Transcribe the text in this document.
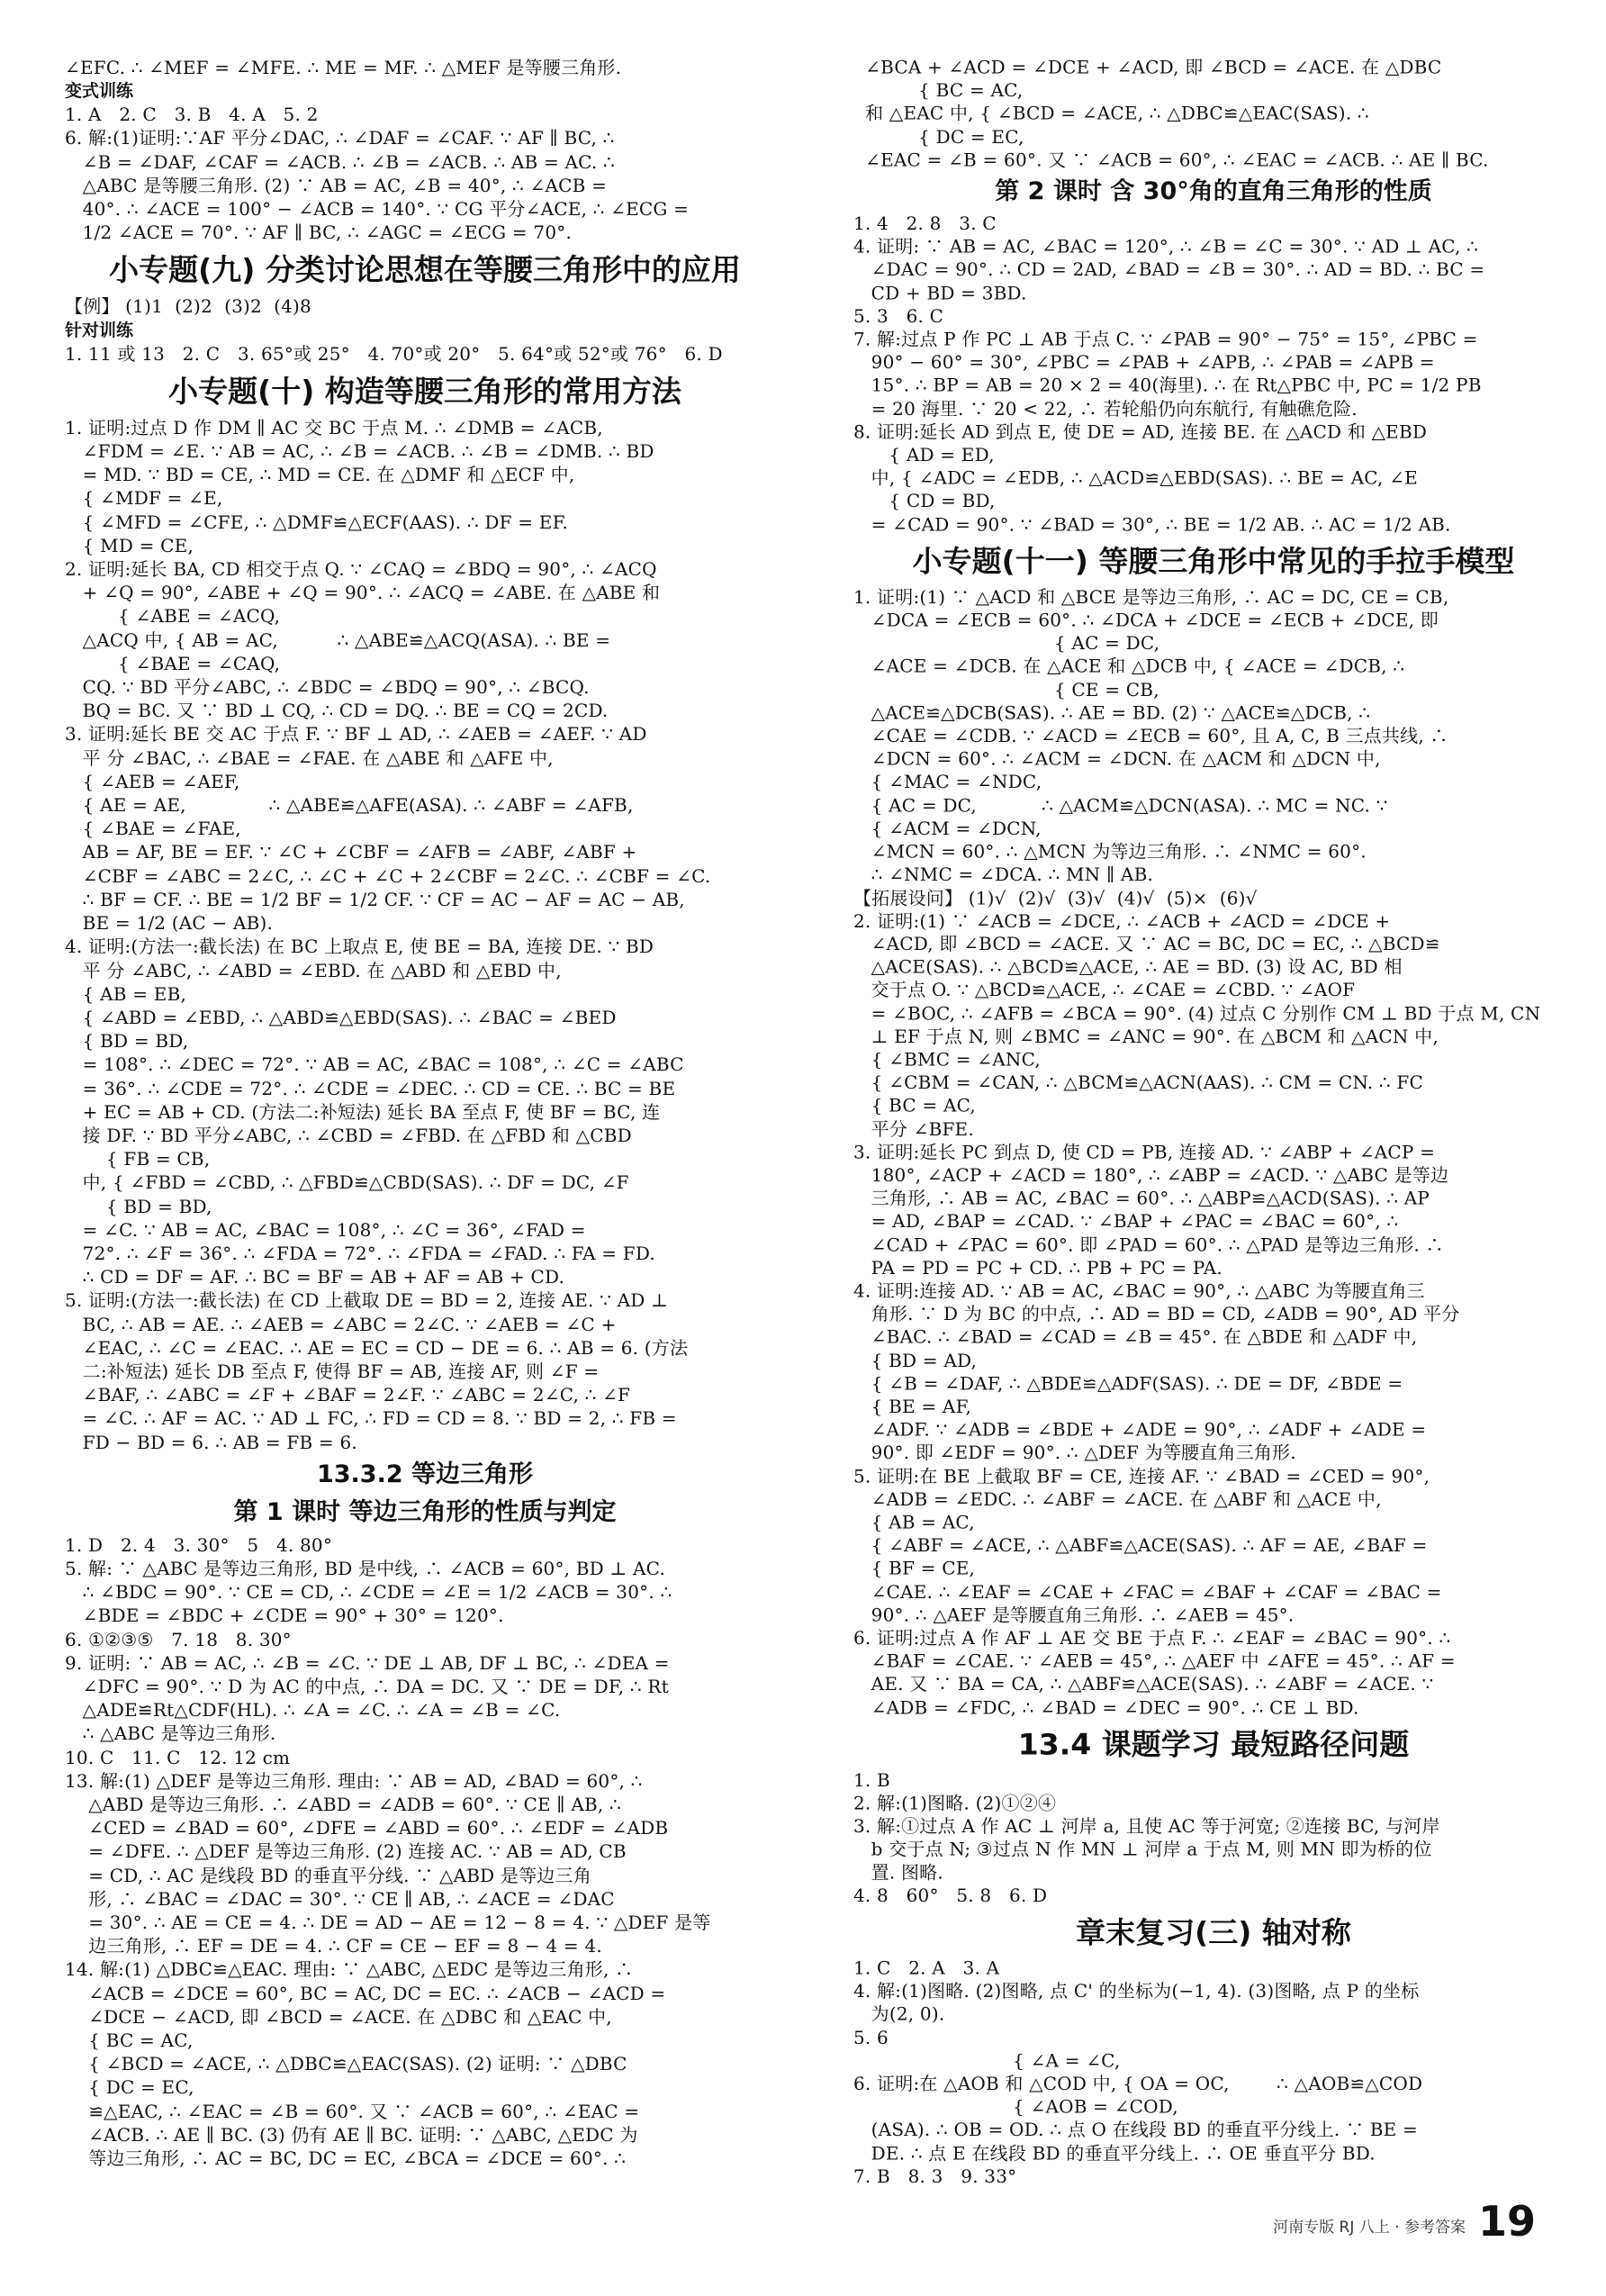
∠EFC. ∴ ∠MEF = ∠MFE. ∴ ME = MF. ∴ △MEF 是等腰三角形.
变式训练
1. A   2. C   3. B   4. A   5. 2
6. 解:(1)证明:∵AF 平分∠DAC, ∴ ∠DAF = ∠CAF. ∵ AF ∥ BC, ∴
∠B = ∠DAF, ∠CAF = ∠ACB. ∴ ∠B = ∠ACB. ∴ AB = AC. ∴
△ABC 是等腰三角形. (2) ∵ AB = AC, ∠B = 40°, ∴ ∠ACB =
40°. ∴ ∠ACE = 100° − ∠ACB = 140°. ∵ CG 平分∠ACE, ∴ ∠ECG =
1/2 ∠ACE = 70°. ∵ AF ∥ BC, ∴ ∠AGC = ∠ECG = 70°.
小专题(九) 分类讨论思想在等腰三角形中的应用
【例】 (1)1  (2)2  (3)2  (4)8
针对训练
1. 11 或 13   2. C   3. 65°或 25°   4. 70°或 20°   5. 64°或 52°或 76°   6. D
小专题(十) 构造等腰三角形的常用方法
1. 证明:过点 D 作 DM ∥ AC 交 BC 于点 M. ∴ ∠DMB = ∠ACB,
∠FDM = ∠E. ∵ AB = AC, ∴ ∠B = ∠ACB. ∴ ∠B = ∠DMB. ∴ BD
= MD. ∵ BD = CE, ∴ MD = CE. 在 △DMF 和 △ECF 中,
{ ∠MDF = ∠E,
{ ∠MFD = ∠CFE, ∴ △DMF≌△ECF(AAS). ∴ DF = EF.
{ MD = CE,
2. 证明:延长 BA, CD 相交于点 Q. ∵ ∠CAQ = ∠BDQ = 90°, ∴ ∠ACQ
+ ∠Q = 90°, ∠ABE + ∠Q = 90°. ∴ ∠ACQ = ∠ABE. 在 △ABE 和
{ ∠ABE = ∠ACQ,
△ACQ 中, { AB = AC,          ∴ △ABE≌△ACQ(ASA). ∴ BE =
{ ∠BAE = ∠CAQ,
CQ. ∵ BD 平分∠ABC, ∴ ∠BDC = ∠BDQ = 90°, ∴ ∠BCQ.
BQ = BC. 又 ∵ BD ⊥ CQ, ∴ CD = DQ. ∴ BE = CQ = 2CD.
3. 证明:延长 BE 交 AC 于点 F. ∵ BF ⊥ AD, ∴ ∠AEB = ∠AEF. ∵ AD
平 分 ∠BAC, ∴ ∠BAE = ∠FAE. 在 △ABE 和 △AFE 中,
{ ∠AEB = ∠AEF,
{ AE = AE,              ∴ △ABE≌△AFE(ASA). ∴ ∠ABF = ∠AFB,
{ ∠BAE = ∠FAE,
AB = AF, BE = EF. ∵ ∠C + ∠CBF = ∠AFB = ∠ABF, ∠ABF +
∠CBF = ∠ABC = 2∠C, ∴ ∠C + ∠C + 2∠CBF = 2∠C. ∴ ∠CBF = ∠C.
∴ BF = CF. ∴ BE = 1/2 BF = 1/2 CF. ∵ CF = AC − AF = AC − AB,
BE = 1/2 (AC − AB).
4. 证明:(方法一:截长法) 在 BC 上取点 E, 使 BE = BA, 连接 DE. ∵ BD
平 分 ∠ABC, ∴ ∠ABD = ∠EBD. 在 △ABD 和 △EBD 中,
{ AB = EB,
{ ∠ABD = ∠EBD, ∴ △ABD≌△EBD(SAS). ∴ ∠BAC = ∠BED
{ BD = BD,
= 108°. ∴ ∠DEC = 72°. ∵ AB = AC, ∠BAC = 108°, ∴ ∠C = ∠ABC
= 36°. ∴ ∠CDE = 72°. ∴ ∠CDE = ∠DEC. ∴ CD = CE. ∴ BC = BE
+ EC = AB + CD. (方法二:补短法) 延长 BA 至点 F, 使 BF = BC, 连
接 DF. ∵ BD 平分∠ABC, ∴ ∠CBD = ∠FBD. 在 △FBD 和 △CBD
{ FB = CB,
中, { ∠FBD = ∠CBD, ∴ △FBD≌△CBD(SAS). ∴ DF = DC, ∠F
{ BD = BD,
= ∠C. ∵ AB = AC, ∠BAC = 108°, ∴ ∠C = 36°, ∠FAD =
72°. ∴ ∠F = 36°. ∴ ∠FDA = 72°. ∴ ∠FDA = ∠FAD. ∴ FA = FD.
∴ CD = DF = AF. ∴ BC = BF = AB + AF = AB + CD.
5. 证明:(方法一:截长法) 在 CD 上截取 DE = BD = 2, 连接 AE. ∵ AD ⊥
BC, ∴ AB = AE. ∴ ∠AEB = ∠ABC = 2∠C. ∵ ∠AEB = ∠C +
∠EAC, ∴ ∠C = ∠EAC. ∴ AE = EC = CD − DE = 6. ∴ AB = 6. (方法
二:补短法) 延长 DB 至点 F, 使得 BF = AB, 连接 AF, 则 ∠F =
∠BAF, ∴ ∠ABC = ∠F + ∠BAF = 2∠F. ∵ ∠ABC = 2∠C, ∴ ∠F
= ∠C. ∴ AF = AC. ∵ AD ⊥ FC, ∴ FD = CD = 8. ∵ BD = 2, ∴ FB =
FD − BD = 6. ∴ AB = FB = 6.
13.3.2 等边三角形
第 1 课时 等边三角形的性质与判定
1. D   2. 4   3. 30°   5   4. 80°
5. 解: ∵ △ABC 是等边三角形, BD 是中线, ∴ ∠ACB = 60°, BD ⊥ AC.
∴ ∠BDC = 90°. ∵ CE = CD, ∴ ∠CDE = ∠E = 1/2 ∠ACB = 30°. ∴
∠BDE = ∠BDC + ∠CDE = 90° + 30° = 120°.
6. ①②③⑤   7. 18   8. 30°
9. 证明: ∵ AB = AC, ∴ ∠B = ∠C. ∵ DE ⊥ AB, DF ⊥ BC, ∴ ∠DEA =
∠DFC = 90°. ∵ D 为 AC 的中点, ∴ DA = DC. 又 ∵ DE = DF, ∴ Rt
△ADE≌Rt△CDF(HL). ∴ ∠A = ∠C. ∴ ∠A = ∠B = ∠C.
∴ △ABC 是等边三角形.
10. C   11. C   12. 12 cm
13. 解:(1) △DEF 是等边三角形. 理由: ∵ AB = AD, ∠BAD = 60°, ∴
△ABD 是等边三角形. ∴ ∠ABD = ∠ADB = 60°. ∵ CE ∥ AB, ∴
∠CED = ∠BAD = 60°, ∠DFE = ∠ABD = 60°. ∴ ∠EDF = ∠ADB
= ∠DFE. ∴ △DEF 是等边三角形. (2) 连接 AC. ∵ AB = AD, CB
= CD, ∴ AC 是线段 BD 的垂直平分线. ∵ △ABD 是等边三角
形, ∴ ∠BAC = ∠DAC = 30°. ∵ CE ∥ AB, ∴ ∠ACE = ∠DAC
= 30°. ∴ AE = CE = 4. ∴ DE = AD − AE = 12 − 8 = 4. ∵ △DEF 是等
边三角形, ∴ EF = DE = 4. ∴ CF = CE − EF = 8 − 4 = 4.
14. 解:(1) △DBC≌△EAC. 理由: ∵ △ABC, △EDC 是等边三角形, ∴
∠ACB = ∠DCE = 60°, BC = AC, DC = EC. ∴ ∠ACB − ∠ACD =
∠DCE − ∠ACD, 即 ∠BCD = ∠ACE. 在 △DBC 和 △EAC 中,
{ BC = AC,
{ ∠BCD = ∠ACE, ∴ △DBC≌△EAC(SAS). (2) 证明: ∵ △DBC
{ DC = EC,
≌△EAC, ∴ ∠EAC = ∠B = 60°. 又 ∵ ∠ACB = 60°, ∴ ∠EAC =
∠ACB. ∴ AE ∥ BC. (3) 仍有 AE ∥ BC. 证明: ∵ △ABC, △EDC 为
等边三角形, ∴ AC = BC, DC = EC, ∠BCA = ∠DCE = 60°. ∴
∠BCA + ∠ACD = ∠DCE + ∠ACD, 即 ∠BCD = ∠ACE. 在 △DBC
{ BC = AC,
和 △EAC 中, { ∠BCD = ∠ACE, ∴ △DBC≌△EAC(SAS). ∴
{ DC = EC,
∠EAC = ∠B = 60°. 又 ∵ ∠ACB = 60°, ∴ ∠EAC = ∠ACB. ∴ AE ∥ BC.
第 2 课时 含 30°角的直角三角形的性质
1. 4   2. 8   3. C
4. 证明: ∵ AB = AC, ∠BAC = 120°, ∴ ∠B = ∠C = 30°. ∵ AD ⊥ AC, ∴
∠DAC = 90°. ∴ CD = 2AD, ∠BAD = ∠B = 30°. ∴ AD = BD. ∴ BC =
CD + BD = 3BD.
5. 3   6. C
7. 解:过点 P 作 PC ⊥ AB 于点 C. ∵ ∠PAB = 90° − 75° = 15°, ∠PBC =
90° − 60° = 30°, ∠PBC = ∠PAB + ∠APB, ∴ ∠PAB = ∠APB =
15°. ∴ BP = AB = 20 × 2 = 40(海里). ∴ 在 Rt△PBC 中, PC = 1/2 PB
= 20 海里. ∵ 20 < 22, ∴ 若轮船仍向东航行, 有触礁危险.
8. 证明:延长 AD 到点 E, 使 DE = AD, 连接 BE. 在 △ACD 和 △EBD
{ AD = ED,
中, { ∠ADC = ∠EDB, ∴ △ACD≌△EBD(SAS). ∴ BE = AC, ∠E
{ CD = BD,
= ∠CAD = 90°. ∵ ∠BAD = 30°, ∴ BE = 1/2 AB. ∴ AC = 1/2 AB.
小专题(十一) 等腰三角形中常见的手拉手模型
1. 证明:(1) ∵ △ACD 和 △BCE 是等边三角形, ∴ AC = DC, CE = CB,
∠DCA = ∠ECB = 60°. ∴ ∠DCA + ∠DCE = ∠ECB + ∠DCE, 即
{ AC = DC,
∠ACE = ∠DCB. 在 △ACE 和 △DCB 中, { ∠ACE = ∠DCB, ∴
{ CE = CB,
△ACE≌△DCB(SAS). ∴ AE = BD. (2) ∵ △ACE≌△DCB, ∴
∠CAE = ∠CDB. ∵ ∠ACD = ∠ECB = 60°, 且 A, C, B 三点共线, ∴
∠DCN = 60°. ∴ ∠ACM = ∠DCN. 在 △ACM 和 △DCN 中,
{ ∠MAC = ∠NDC,
{ AC = DC,           ∴ △ACM≌△DCN(ASA). ∴ MC = NC. ∵
{ ∠ACM = ∠DCN,
∠MCN = 60°. ∴ △MCN 为等边三角形. ∴ ∠NMC = 60°.
∴ ∠NMC = ∠DCA. ∴ MN ∥ AB.
【拓展设问】 (1)√  (2)√  (3)√  (4)√  (5)×  (6)√
2. 证明:(1) ∵ ∠ACB = ∠DCE, ∴ ∠ACB + ∠ACD = ∠DCE +
∠ACD, 即 ∠BCD = ∠ACE. 又 ∵ AC = BC, DC = EC, ∴ △BCD≌
△ACE(SAS). ∴ △BCD≌△ACE, ∴ AE = BD. (3) 设 AC, BD 相
交于点 O. ∵ △BCD≌△ACE, ∴ ∠CAE = ∠CBD. ∵ ∠AOF
= ∠BOC, ∴ ∠AFB = ∠BCA = 90°. (4) 过点 C 分别作 CM ⊥ BD 于点 M, CN
⊥ EF 于点 N, 则 ∠BMC = ∠ANC = 90°. 在 △BCM 和 △ACN 中,
{ ∠BMC = ∠ANC,
{ ∠CBM = ∠CAN, ∴ △BCM≌△ACN(AAS). ∴ CM = CN. ∴ FC
{ BC = AC,
平分 ∠BFE.
3. 证明:延长 PC 到点 D, 使 CD = PB, 连接 AD. ∵ ∠ABP + ∠ACP =
180°, ∠ACP + ∠ACD = 180°, ∴ ∠ABP = ∠ACD. ∵ △ABC 是等边
三角形, ∴ AB = AC, ∠BAC = 60°. ∴ △ABP≌△ACD(SAS). ∴ AP
= AD, ∠BAP = ∠CAD. ∵ ∠BAP + ∠PAC = ∠BAC = 60°, ∴
∠CAD + ∠PAC = 60°. 即 ∠PAD = 60°. ∴ △PAD 是等边三角形. ∴
PA = PD = PC + CD. ∴ PB + PC = PA.
4. 证明:连接 AD. ∵ AB = AC, ∠BAC = 90°, ∴ △ABC 为等腰直角三
角形. ∵ D 为 BC 的中点, ∴ AD = BD = CD, ∠ADB = 90°, AD 平分
∠BAC. ∴ ∠BAD = ∠CAD = ∠B = 45°. 在 △BDE 和 △ADF 中,
{ BD = AD,
{ ∠B = ∠DAF, ∴ △BDE≌△ADF(SAS). ∴ DE = DF, ∠BDE =
{ BE = AF,
∠ADF. ∵ ∠ADB = ∠BDE + ∠ADE = 90°, ∴ ∠ADF + ∠ADE =
90°. 即 ∠EDF = 90°. ∴ △DEF 为等腰直角三角形.
5. 证明:在 BE 上截取 BF = CE, 连接 AF. ∵ ∠BAD = ∠CED = 90°,
∠ADB = ∠EDC. ∴ ∠ABF = ∠ACE. 在 △ABF 和 △ACE 中,
{ AB = AC,
{ ∠ABF = ∠ACE, ∴ △ABF≌△ACE(SAS). ∴ AF = AE, ∠BAF =
{ BF = CE,
∠CAE. ∴ ∠EAF = ∠CAE + ∠FAC = ∠BAF + ∠CAF = ∠BAC =
90°. ∴ △AEF 是等腰直角三角形. ∴ ∠AEB = 45°.
6. 证明:过点 A 作 AF ⊥ AE 交 BE 于点 F. ∴ ∠EAF = ∠BAC = 90°. ∴
∠BAF = ∠CAE. ∵ ∠AEB = 45°, ∴ △AEF 中 ∠AFE = 45°. ∴ AF =
AE. 又 ∵ BA = CA, ∴ △ABF≌△ACE(SAS). ∴ ∠ABF = ∠ACE. ∵
∠ADB = ∠FDC, ∴ ∠BAD = ∠DEC = 90°. ∴ CE ⊥ BD.
13.4 课题学习 最短路径问题
1. B
2. 解:(1)图略. (2)①②④
3. 解:①过点 A 作 AC ⊥ 河岸 a, 且使 AC 等于河宽; ②连接 BC, 与河岸
b 交于点 N; ③过点 N 作 MN ⊥ 河岸 a 于点 M, 则 MN 即为桥的位
置. 图略.
4. 8   60°   5. 8   6. D
章末复习(三) 轴对称
1. C   2. A   3. A
4. 解:(1)图略. (2)图略, 点 C' 的坐标为(−1, 4). (3)图略, 点 P 的坐标
为(2, 0).
5. 6
{ ∠A = ∠C,
6. 证明:在 △AOB 和 △COD 中, { OA = OC,        ∴ △AOB≌△COD
{ ∠AOB = ∠COD,
(ASA). ∴ OB = OD. ∴ 点 O 在线段 BD 的垂直平分线上. ∵ BE =
DE. ∴ 点 E 在线段 BD 的垂直平分线上. ∴ OE 垂直平分 BD.
7. B   8. 3   9. 33°
河南专版 RJ 八上 · 参考答案 19
